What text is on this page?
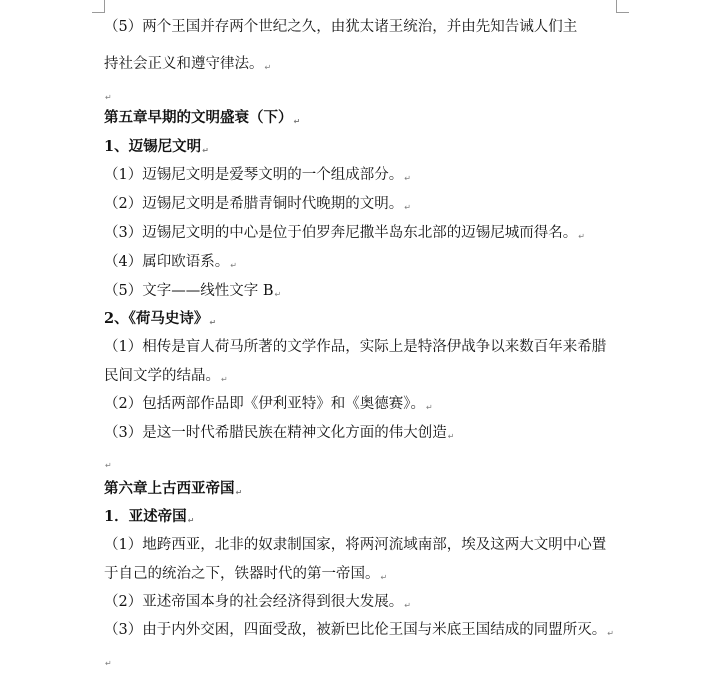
（5）两个王国并存两个世纪之久，由犹太诸王统治，并由先知告诫人们主
持社会正义和遵守律法。↵
↵
第五章早期的文明盛衰（下）↵
1、迈锡尼文明↵
（1）迈锡尼文明是爱琴文明的一个组成部分。↵
（2）迈锡尼文明是希腊青铜时代晚期的文明。↵
（3）迈锡尼文明的中心是位于伯罗奔尼撒半岛东北部的迈锡尼城而得名。↵
（4）属印欧语系。↵
（5）文字——线性文字 B↵
2、《荷马史诗》↵
（1）相传是盲人荷马所著的文学作品，实际上是特洛伊战争以来数百年来希腊
民间文学的结晶。↵
（2）包括两部作品即《伊利亚特》和《奥德赛》。↵
（3）是这一时代希腊民族在精神文化方面的伟大创造↵
↵
第六章上古西亚帝国↵
1．亚述帝国↵
（1）地跨西亚，北非的奴隶制国家，将两河流域南部，埃及这两大文明中心置
于自己的统治之下，铁器时代的第一帝国。↵
（2）亚述帝国本身的社会经济得到很大发展。↵
（3）由于内外交困，四面受敌，被新巴比伦王国与米底王国结成的同盟所灭。↵
↵
